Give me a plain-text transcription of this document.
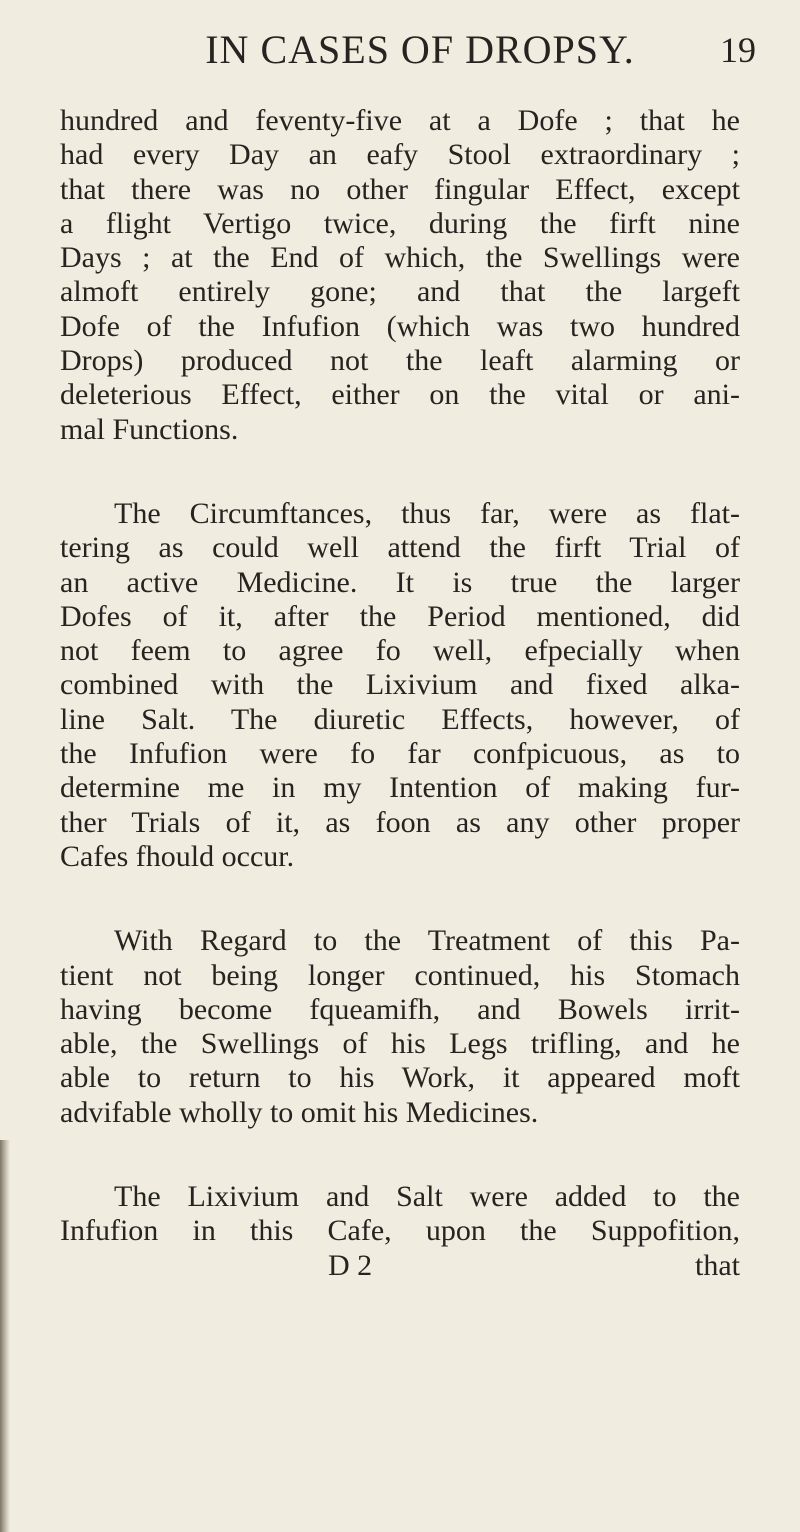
IN CASES OF DROPSY.	19
hundred and feventy-five at a Dofe ; that he
had every Day an eafy Stool extraordinary ;
that there was no other fingular Effect, except
a flight Vertigo twice, during the firft nine
Days ; at the End of which, the Swellings were
almoft entirely gone; and that the largeft
Dofe of the Infufion (which was two hundred
Drops) produced not the leaft alarming or
deleterious Effect, either on the vital or ani-
mal Functions.
The Circumftances, thus far, were as flat-
tering as could well attend the firft Trial of
an active Medicine. It is true the larger
Dofes of it, after the Period mentioned, did
not feem to agree fo well, efpecially when
combined with the Lixivium and fixed alka-
line Salt. The diuretic Effects, however, of
the Infufion were fo far confpicuous, as to
determine me in my Intention of making fur-
ther Trials of it, as foon as any other proper
Cafes fhould occur.
With Regard to the Treatment of this Pa-
tient not being longer continued, his Stomach
having become fqueamifh, and Bowels irrit-
able, the Swellings of his Legs trifling, and he
able to return to his Work, it appeared moft
advifable wholly to omit his Medicines.
The Lixivium and Salt were added to the
Infufion in this Cafe, upon the Suppofition,
D 2	that
